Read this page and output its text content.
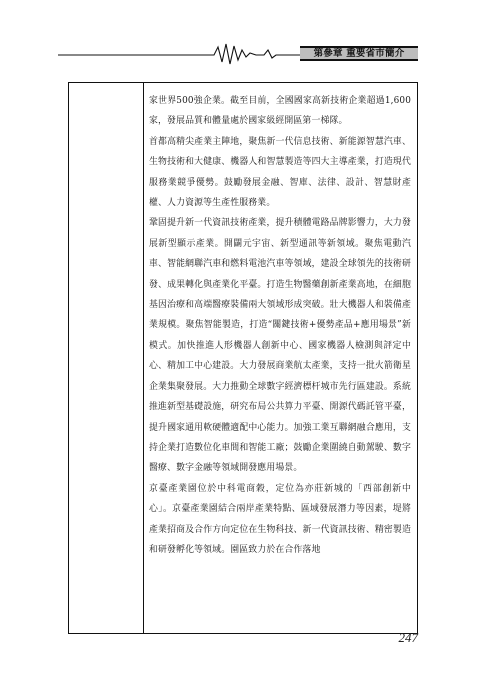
第參章 重要省市簡介

家世界500強企業。截至目前，全國國家高新技術企業超過1,600家，發展品質和體量處於國家級經開區第一梯隊。

首都高精尖產業主陣地，聚焦新一代信息技術、新能源智慧汽車、生物技術和大健康、機器人和智慧製造等四大主導產業，打造現代服務業競爭優勢。鼓勵發展金融、智庫、法律、設計、智慧財產權、人力資源等生產性服務業。

鞏固提升新一代資訊技術產業，提升積體電路品牌影響力，大力發展新型顯示產業。開闢元宇宙、新型通訊等新領域。聚焦電動汽車、智能網聯汽車和燃料電池汽車等領域，建設全球領先的技術研發、成果轉化與產業化平臺。打造生物醫藥創新產業高地，在細胞基因治療和高端醫療裝備兩大領域形成突破。壯大機器人和裝備產業規模。聚焦智能製造，打造“關鍵技術+優勢產品+應用場景”新模式。加快推進人形機器人創新中心、國家機器人檢測與評定中心、精加工中心建設。大力發展商業航太產業，支持一批火箭衛星企業集聚發展。大力推動全球數字經濟標杆城市先行區建設。系統推進新型基礎設施，研究布局公共算力平臺、開源代碼託管平臺，提升國家通用軟硬體適配中心能力。加強工業互聯網融合應用，支持企業打造數位化車間和智能工廠；鼓勵企業圍繞自動駕駛、數字醫療、數字金融等領域開發應用場景。

京臺產業園位於中科電商穀，定位為亦莊新城的「西部創新中心」。京臺產業園結合兩岸產業特點、區域發展潛力等因素，堤將產業招商及合作方向定位在生物科技、新一代資訊技術、精密製造和研發孵化等領域。園區致力於在合作落地

247
